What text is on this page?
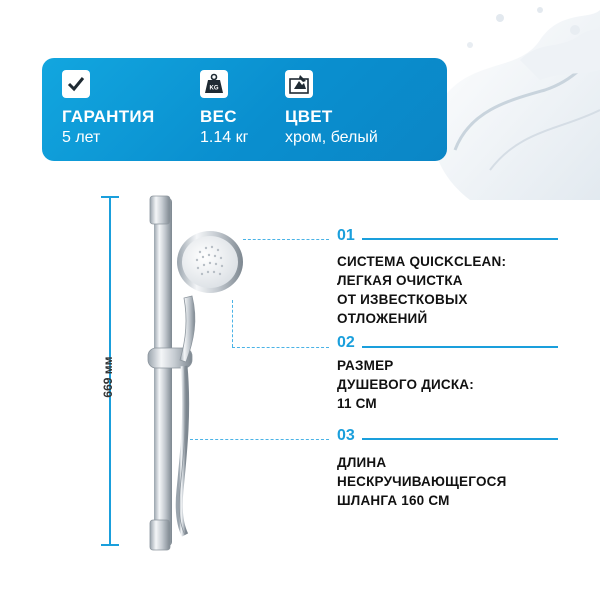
ГАРАНТИЯ
5 лет
KG
ВЕС
1.14 кг
ЦВЕТ
хром, белый
669 мм
01
СИСТЕМА QUICKCLEAN:
ЛЕГКАЯ ОЧИСТКА
ОТ ИЗВЕСТКОВЫХ
ОТЛОЖЕНИЙ
02
РАЗМЕР
ДУШЕВОГО ДИСКА:
11 СМ
03
ДЛИНА
НЕСКРУЧИВАЮЩЕГОСЯ
ШЛАНГА 160 СМ
